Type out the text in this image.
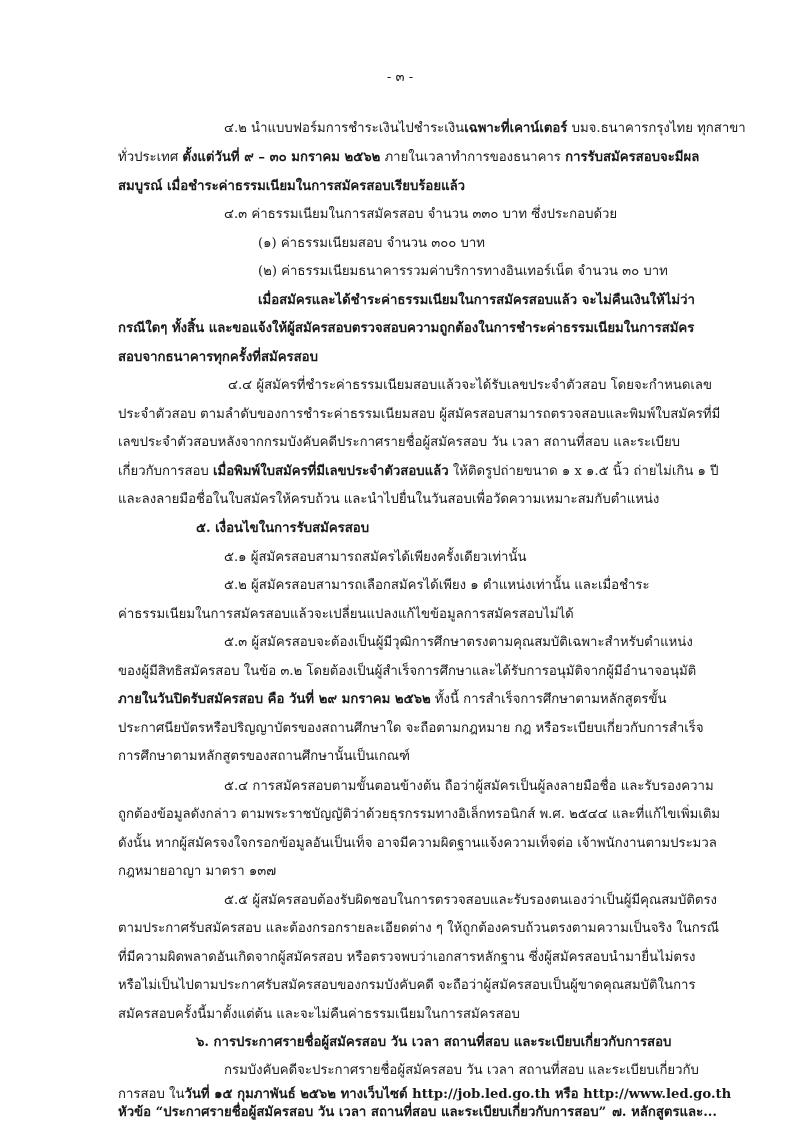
- ๓ -
๔.๒ นำแบบฟอร์มการชำระเงินไปชำระเงินเฉพาะที่เคาน์เตอร์ บมจ.ธนาคารกรุงไทย ทุกสาขา
ทั่วประเทศ ตั้งแต่วันที่ ๙ – ๓๐ มกราคม ๒๕๖๒ ภายในเวลาทำการของธนาคาร การรับสมัครสอบจะมีผล
สมบูรณ์ เมื่อชำระค่าธรรมเนียมในการสมัครสอบเรียบร้อยแล้ว
๔.๓ ค่าธรรมเนียมในการสมัครสอบ จำนวน ๓๓๐ บาท ซึ่งประกอบด้วย
(๑) ค่าธรรมเนียมสอบ จำนวน ๓๐๐ บาท
(๒) ค่าธรรมเนียมธนาคารรวมค่าบริการทางอินเทอร์เน็ต จำนวน ๓๐ บาท
เมื่อสมัครและได้ชำระค่าธรรมเนียมในการสมัครสอบแล้ว จะไม่คืนเงินให้ไม่ว่า
กรณีใดๆ ทั้งสิ้น และขอแจ้งให้ผู้สมัครสอบตรวจสอบความถูกต้องในการชำระค่าธรรมเนียมในการสมัคร
สอบจากธนาคารทุกครั้งที่สมัครสอบ
๔.๔ ผู้สมัครที่ชำระค่าธรรมเนียมสอบแล้วจะได้รับเลขประจำตัวสอบ โดยจะกำหนดเลข
ประจำตัวสอบ ตามลำดับของการชำระค่าธรรมเนียมสอบ ผู้สมัครสอบสามารถตรวจสอบและพิมพ์ใบสมัครที่มี
เลขประจำตัวสอบหลังจากกรมบังคับคดีประกาศรายชื่อผู้สมัครสอบ วัน เวลา สถานที่สอบ และระเบียบ
เกี่ยวกับการสอบ เมื่อพิมพ์ใบสมัครที่มีเลขประจำตัวสอบแล้ว ให้ติดรูปถ่ายขนาด ๑ x ๑.๕ นิ้ว ถ่ายไม่เกิน ๑ ปี
และลงลายมือชื่อในใบสมัครให้ครบถ้วน และนำไปยื่นในวันสอบเพื่อวัดความเหมาะสมกับตำแหน่ง
๕. เงื่อนไขในการรับสมัครสอบ
๕.๑ ผู้สมัครสอบสามารถสมัครได้เพียงครั้งเดียวเท่านั้น
๕.๒ ผู้สมัครสอบสามารถเลือกสมัครได้เพียง ๑ ตำแหน่งเท่านั้น และเมื่อชำระ
ค่าธรรมเนียมในการสมัครสอบแล้วจะเปลี่ยนแปลงแก้ไขข้อมูลการสมัครสอบไม่ได้
๕.๓ ผู้สมัครสอบจะต้องเป็นผู้มีวุฒิการศึกษาตรงตามคุณสมบัติเฉพาะสำหรับตำแหน่ง
ของผู้มีสิทธิสมัครสอบ ในข้อ ๓.๒ โดยต้องเป็นผู้สำเร็จการศึกษาและได้รับการอนุมัติจากผู้มีอำนาจอนุมัติ
ภายในวันปิดรับสมัครสอบ คือ วันที่ ๒๙ มกราคม ๒๕๖๒ ทั้งนี้ การสำเร็จการศึกษาตามหลักสูตรขั้น
ประกาศนียบัตรหรือปริญญาบัตรของสถานศึกษาใด จะถือตามกฎหมาย กฎ หรือระเบียบเกี่ยวกับการสำเร็จ
การศึกษาตามหลักสูตรของสถานศึกษานั้นเป็นเกณฑ์
๕.๔ การสมัครสอบตามขั้นตอนข้างต้น ถือว่าผู้สมัครเป็นผู้ลงลายมือชื่อ และรับรองความ
ถูกต้องข้อมูลดังกล่าว ตามพระราชบัญญัติว่าด้วยธุรกรรมทางอิเล็กทรอนิกส์ พ.ศ. ๒๕๔๔ และที่แก้ไขเพิ่มเติม
ดังนั้น หากผู้สมัครจงใจกรอกข้อมูลอันเป็นเท็จ อาจมีความผิดฐานแจ้งความเท็จต่อ เจ้าพนักงานตามประมวล
กฎหมายอาญา มาตรา ๑๓๗
๕.๕ ผู้สมัครสอบต้องรับผิดชอบในการตรวจสอบและรับรองตนเองว่าเป็นผู้มีคุณสมบัติตรง
ตามประกาศรับสมัครสอบ และต้องกรอกรายละเอียดต่าง ๆ ให้ถูกต้องครบถ้วนตรงตามความเป็นจริง ในกรณี
ที่มีความผิดพลาดอันเกิดจากผู้สมัครสอบ หรือตรวจพบว่าเอกสารหลักฐาน ซึ่งผู้สมัครสอบนำมายื่นไม่ตรง
หรือไม่เป็นไปตามประกาศรับสมัครสอบของกรมบังคับคดี จะถือว่าผู้สมัครสอบเป็นผู้ขาดคุณสมบัติในการ
สมัครสอบครั้งนี้มาตั้งแต่ต้น และจะไม่คืนค่าธรรมเนียมในการสมัครสอบ
๖. การประกาศรายชื่อผู้สมัครสอบ วัน เวลา สถานที่สอบ และระเบียบเกี่ยวกับการสอบ
กรมบังคับคดีจะประกาศรายชื่อผู้สมัครสอบ วัน เวลา สถานที่สอบ และระเบียบเกี่ยวกับ
การสอบ ในวันที่ ๑๕ กุมภาพันธ์ ๒๕๖๒ ทางเว็บไซต์ http://job.led.go.th หรือ http://www.led.go.th
หัวข้อ “ประกาศรายชื่อผู้สมัครสอบ วัน เวลา สถานที่สอบ และระเบียบเกี่ยวกับการสอบ” ๗. หลักสูตรและ...
